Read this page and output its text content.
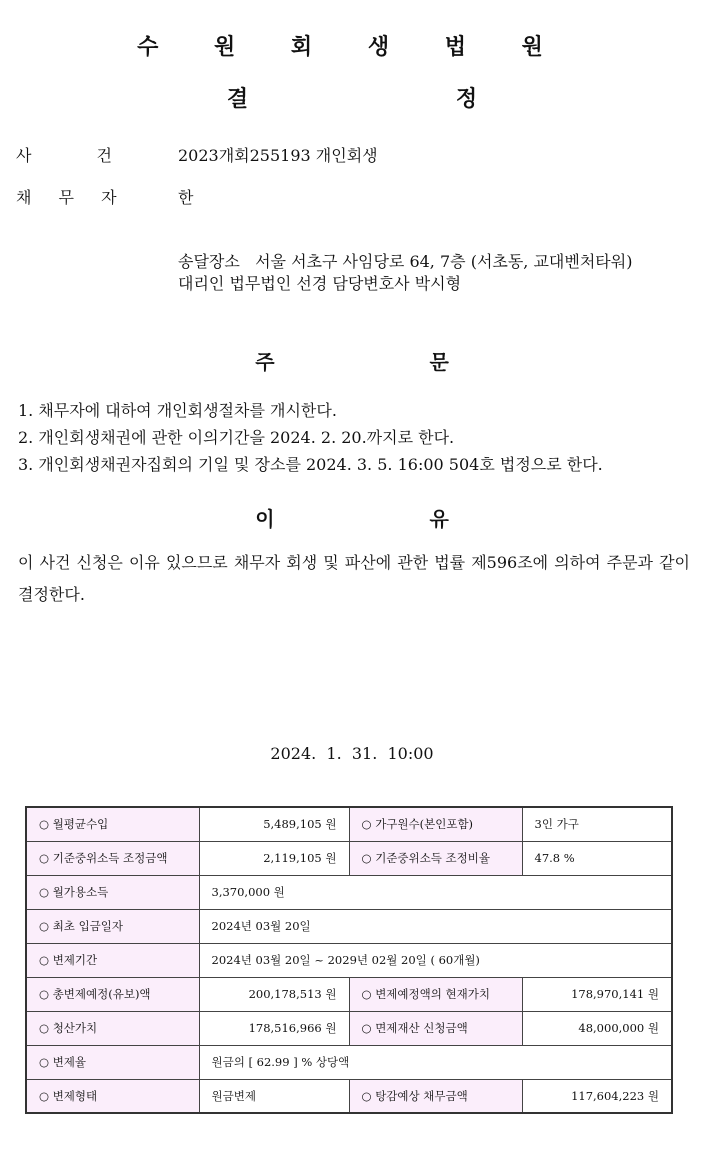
수 원 회 생 법 원
결 정
사 건	2023개회255193 개인회생
채 무 자	한
송달장소   서울 서초구 사임당로 64, 7층 (서초동, 교대벤처타워)
대리인 법무법인 선경 담당변호사 박시형
주 문
1. 채무자에 대하여 개인회생절차를 개시한다.
2. 개인회생채권에 관한 이의기간을 2024. 2. 20.까지로 한다.
3. 개인회생채권자집회의 기일 및 장소를 2024. 3. 5. 16:00 504호 법정으로 한다.
이 유
이 사건 신청은 이유 있으므로 채무자 회생 및 파산에 관한 법률 제596조에 의하여 주문과 같이 결정한다.
2024.  1.  31.  10:00
○ 월평균수입	5,489,105 원	○ 가구원수(본인포함)	3인 가구
○ 기준중위소득 조정금액	2,119,105 원	○ 기준중위소득 조정비율	47.8 %
○ 월가용소득	3,370,000 원		
○ 최초 입금일자	2024년 03월 20일		
○ 변제기간	2024년 03월 20일 ~ 2029년 02월 20일 ( 60개월)		
○ 총변제예정(유보)액	200,178,513 원	○ 변제예정액의 현재가치	178,970,141 원
○ 청산가치	178,516,966 원	○ 면제재산 신청금액	48,000,000 원
○ 변제율	원금의 [ 62.99 ] % 상당액		
○ 변제형태	원금변제	○ 탕감예상 채무금액	117,604,223 원
